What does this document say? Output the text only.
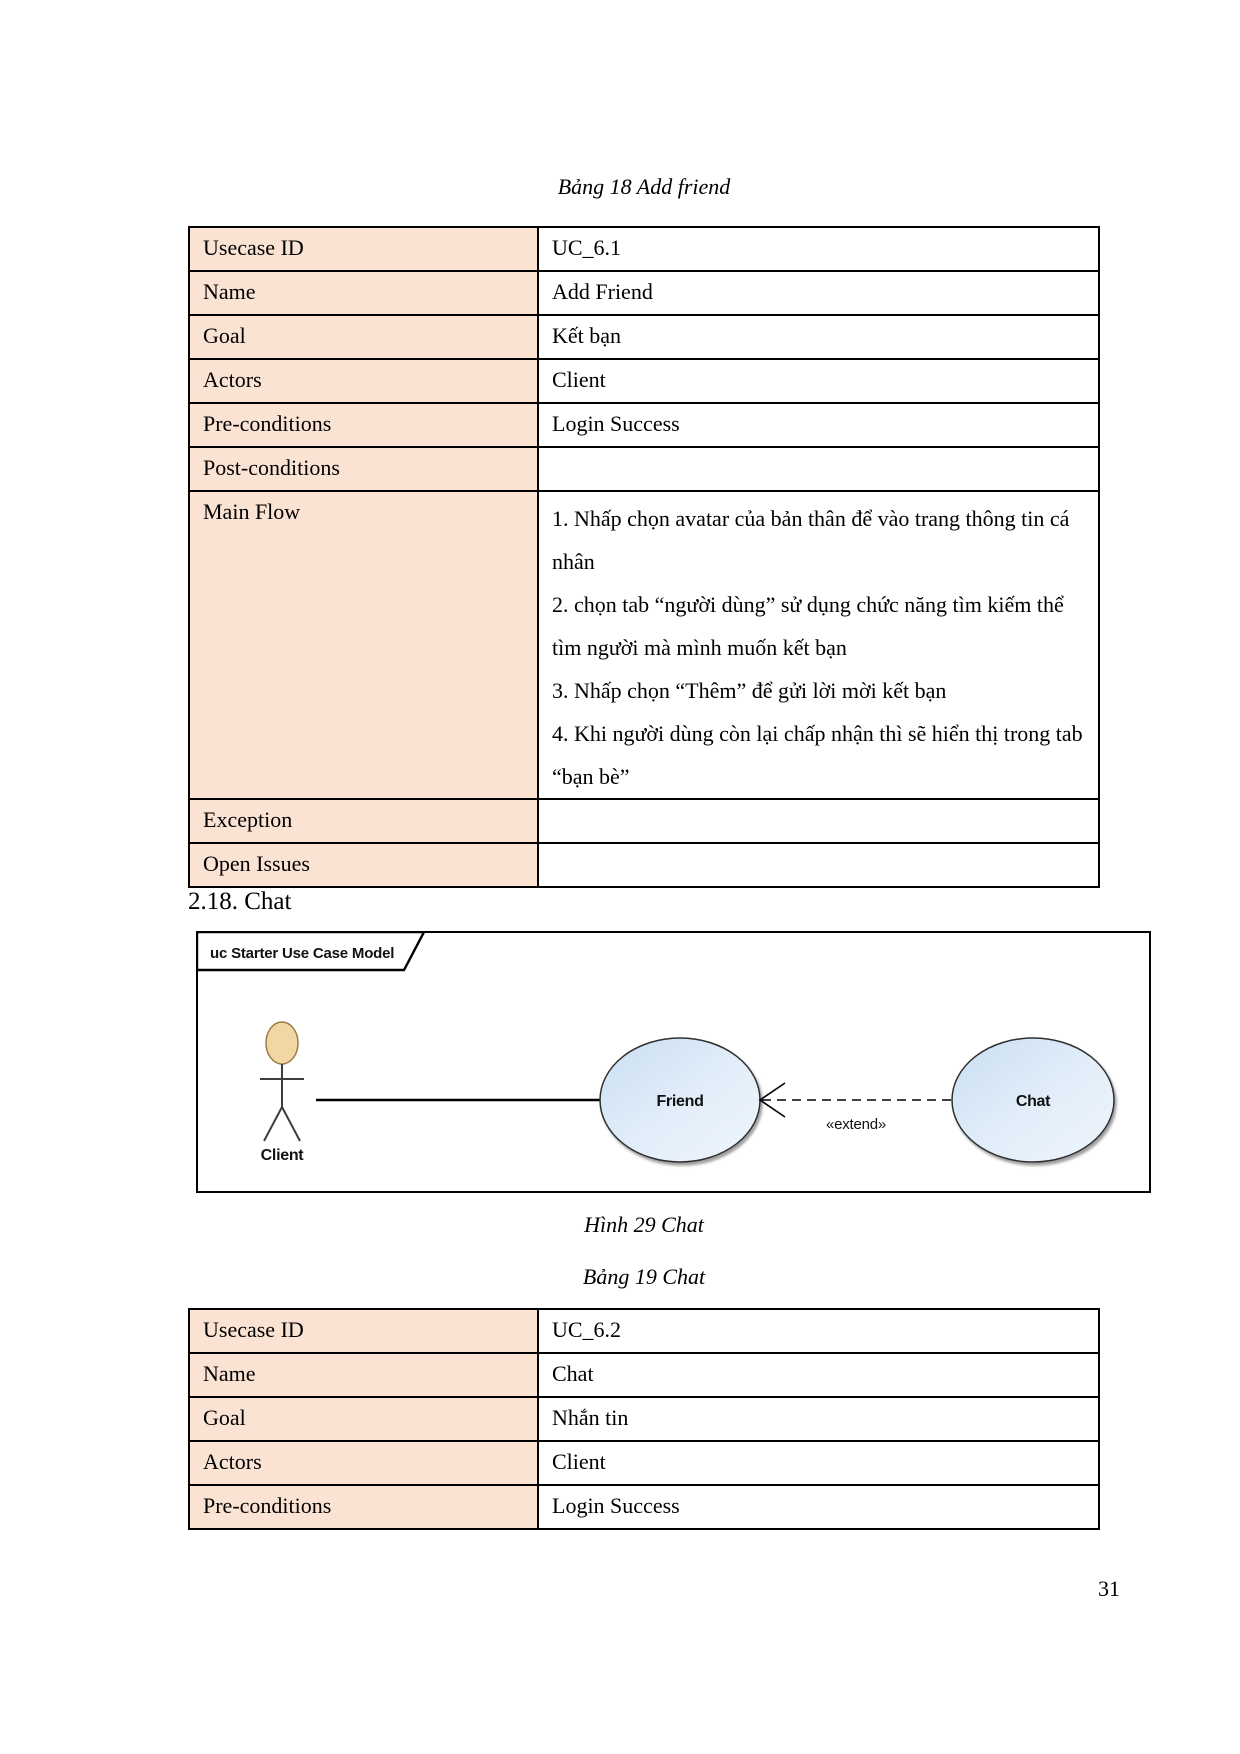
Bảng 18 Add friend
Usecase ID	UC_6.1
Name	Add Friend
Goal	Kết bạn
Actors	Client
Pre-conditions	Login Success
Post-conditions	
Main Flow	1. Nhấp chọn avatar của bản thân để vào trang thông tin cá nhân
2. chọn tab “người dùng” sử dụng chức năng tìm kiếm thể tìm người mà mình muốn kết bạn
3. Nhấp chọn “Thêm” để gửi lời mời kết bạn
4. Khi người dùng còn lại chấp nhận thì sẽ hiển thị trong tab “bạn bè”

Exception	
Open Issues	
2.18. Chat
uc Starter Use Case Model
Client
Friend
«extend»
Chat
Hình 29 Chat
Bảng 19 Chat
Usecase ID	UC_6.2
Name	Chat
Goal	Nhắn tin
Actors	Client
Pre-conditions	Login Success
31
